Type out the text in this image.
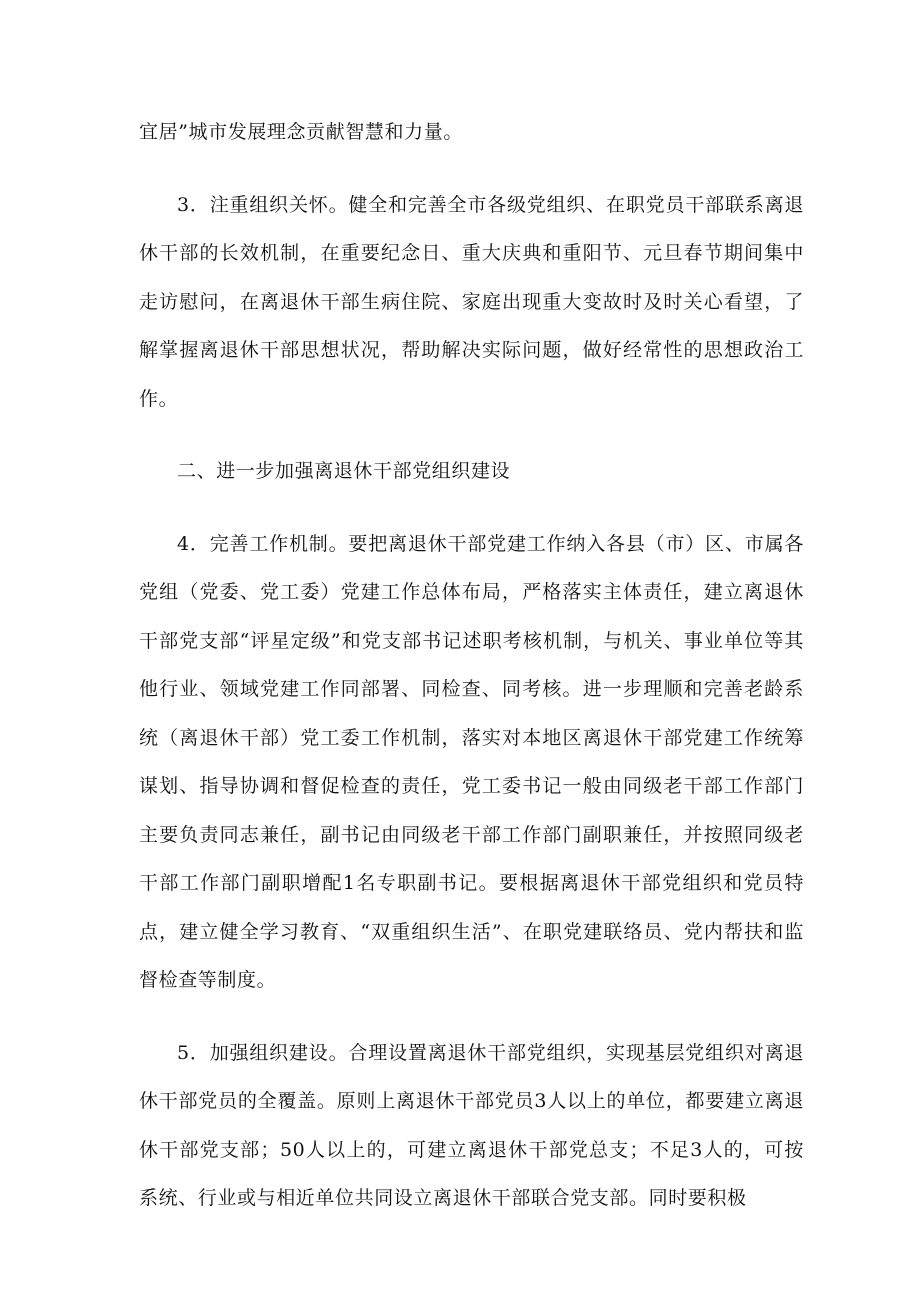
宜居”城市发展理念贡献智慧和力量。

3．注重组织关怀。健全和完善全市各级党组织、在职党员干部联系离退休干部的长效机制，在重要纪念日、重大庆典和重阳节、元旦春节期间集中走访慰问，在离退休干部生病住院、家庭出现重大变故时及时关心看望，了解掌握离退休干部思想状况，帮助解决实际问题，做好经常性的思想政治工作。

二、进一步加强离退休干部党组织建设

4．完善工作机制。要把离退休干部党建工作纳入各县（市）区、市属各党组（党委、党工委）党建工作总体布局，严格落实主体责任，建立离退休干部党支部“评星定级”和党支部书记述职考核机制，与机关、事业单位等其他行业、领域党建工作同部署、同检查、同考核。进一步理顺和完善老龄系统（离退休干部）党工委工作机制，落实对本地区离退休干部党建工作统筹谋划、指导协调和督促检查的责任，党工委书记一般由同级老干部工作部门主要负责同志兼任，副书记由同级老干部工作部门副职兼任，并按照同级老干部工作部门副职增配1名专职副书记。要根据离退休干部党组织和党员特点，建立健全学习教育、“双重组织生活”、在职党建联络员、党内帮扶和监督检查等制度。

5．加强组织建设。合理设置离退休干部党组织，实现基层党组织对离退休干部党员的全覆盖。原则上离退休干部党员3人以上的单位，都要建立离退休干部党支部；50人以上的，可建立离退休干部党总支；不足3人的，可按系统、行业或与相近单位共同设立离退休干部联合党支部。同时要积极
